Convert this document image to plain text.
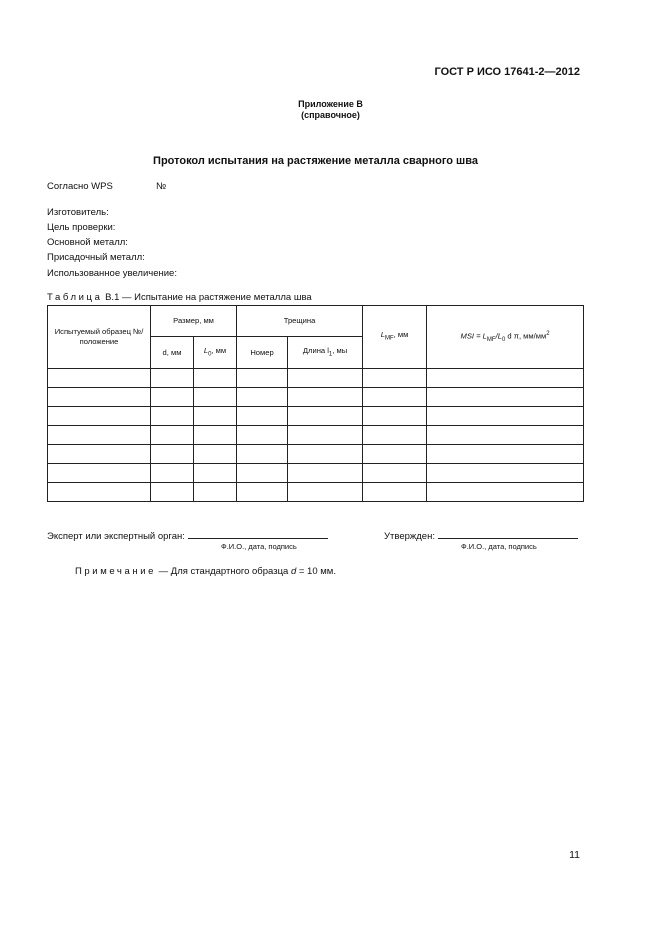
ГОСТ Р ИСО 17641-2—2012
Приложение В
(справочное)
Протокол испытания на растяжение металла сварного шва
Согласно WPS	№
Изготовитель:
Цель проверки:
Основной металл:
Присадочный металл:
Использованное увеличение:
Таблица В.1 — Испытание на растяжение металла шва
Испытуемый образец №/положение	Размер, мм		Трещина		$L_{MF}$, мм	MSI = $L_{MF}/L_0$ d π, $мм/мм^2$
	d, мм	$L_0$, мм	Номер	Длина $l_1$, мы		

Эксперт или экспертный орган:
Ф.И.О., дата, подпись
Утвержден:
Ф.И.О., дата, подпись
Примечание — Для стандартного образца d = 10 мм.
11
